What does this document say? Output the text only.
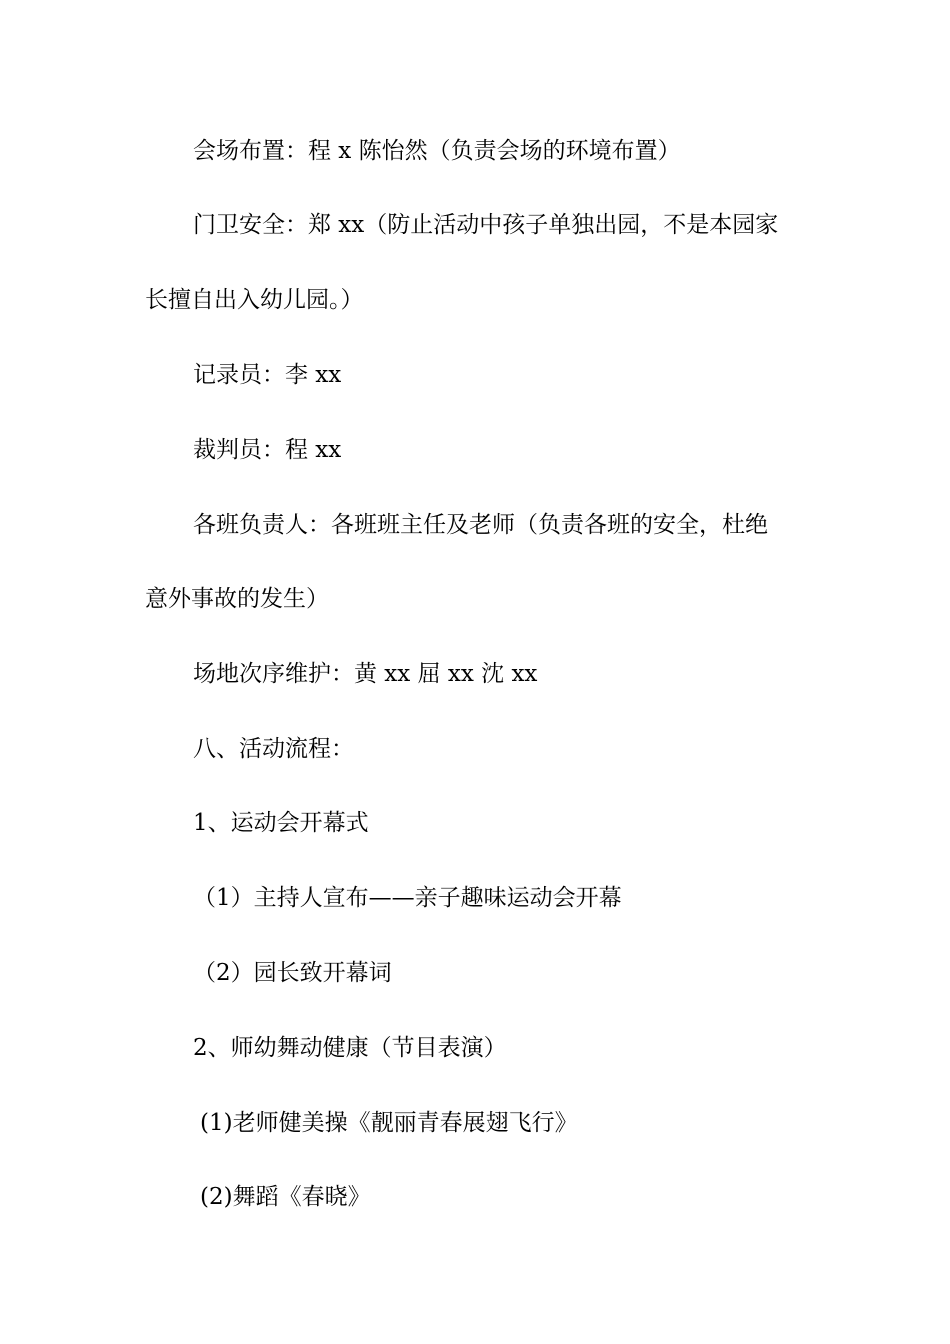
会场布置：程 x 陈怡然（负责会场的环境布置）
门卫安全：郑 xx（防止活动中孩子单独出园，不是本园家
长擅自出入幼儿园。）
记录员：李 xx
裁判员：程 xx
各班负责人：各班班主任及老师（负责各班的安全，杜绝
意外事故的发生）
场地次序维护：黄 xx 屈 xx 沈 xx
八、活动流程：
1、运动会开幕式
（1）主持人宣布——亲子趣味运动会开幕
（2）园长致开幕词
2、师幼舞动健康（节目表演）
(1)老师健美操《靓丽青春展翅飞行》
(2)舞蹈《春晓》
